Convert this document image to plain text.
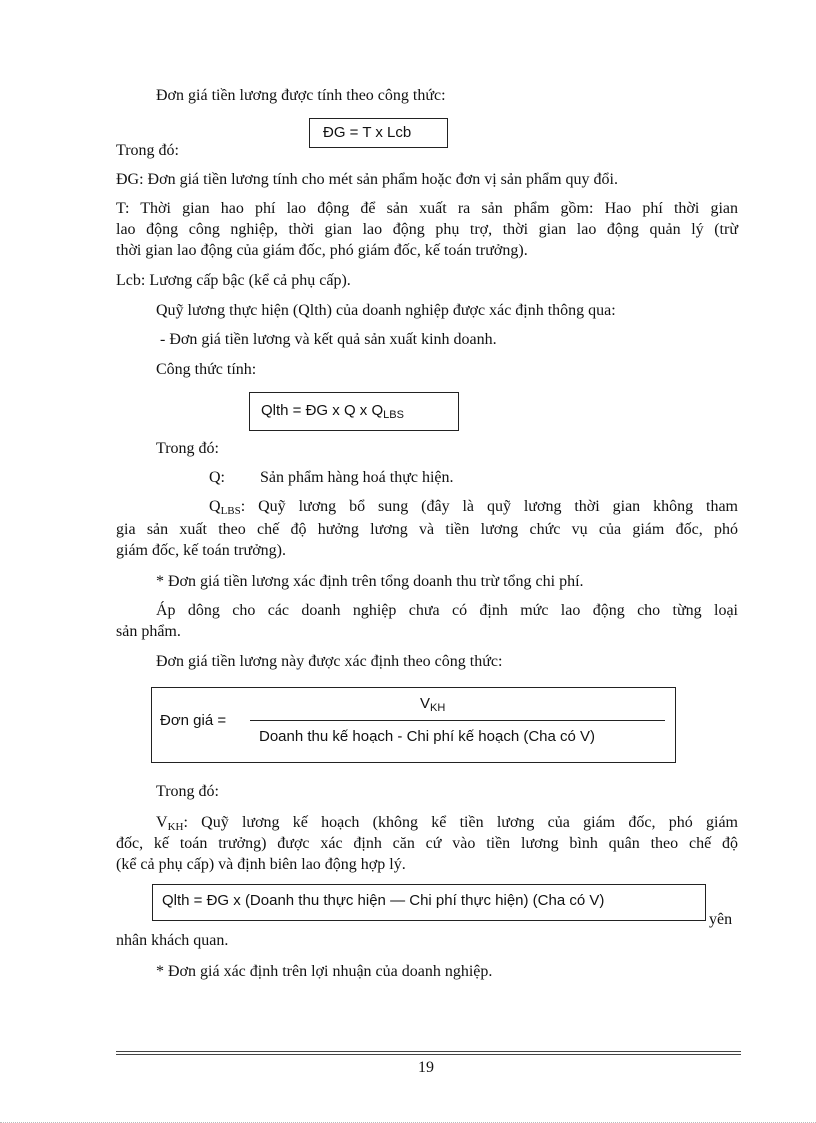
Đơn giá tiền lương được tính theo công thức:
ĐG = T x Lcb
Trong đó:
ĐG: Đơn giá tiền lương tính cho mét sản phẩm hoặc đơn vị sản phẩm quy đổi.
T: Thời gian hao phí lao động để sản xuất ra sản phẩm gồm: Hao phí thời gian
lao động công nghiệp, thời gian lao động phụ trợ, thời gian lao động quản lý (trừ
thời gian lao động của giám đốc, phó giám đốc, kế toán trưởng).
Lcb: Lương cấp bậc (kể cả phụ cấp).
Quỹ lương thực hiện (Qlth) của doanh nghiệp được xác định thông qua:
- Đơn giá tiền lương và kết quả sản xuất kinh doanh.
Công thức tính:
Qlth = ĐG x Q x $Q_{LBS}$
Trong đó:
Q: Sản phẩm hàng hoá thực hiện.
$Q_{LBS}$: Quỹ lương bổ sung (đây là quỹ lương thời gian không tham
gia sản xuất theo chế độ hưởng lương và tiền lương chức vụ của giám đốc, phó
giám đốc, kế toán trưởng).
* Đơn giá tiền lương xác định trên tổng doanh thu trừ tổng chi phí.
Áp dông cho các doanh nghiệp chưa có định mức lao động cho từng loại
sản phẩm.
Đơn giá tiền lương này được xác định theo công thức:
Đơn giá =
$V_{KH}$
Doanh thu kế hoạch - Chi phí kế hoạch (Cha có V)
Trong đó:
$V_{KH}$: Quỹ lương kế hoạch (không kể tiền lương của giám đốc, phó giám
đốc, kế toán trưởng) được xác định căn cứ vào tiền lương bình quân theo chế độ
(kể cả phụ cấp) và định biên lao động hợp lý.
yên
Qlth = ĐG x (Doanh thu thực hiện — Chi phí thực hiện) (Cha có V)
nhân khách quan.
* Đơn giá xác định trên lợi nhuận của doanh nghiệp.
19
